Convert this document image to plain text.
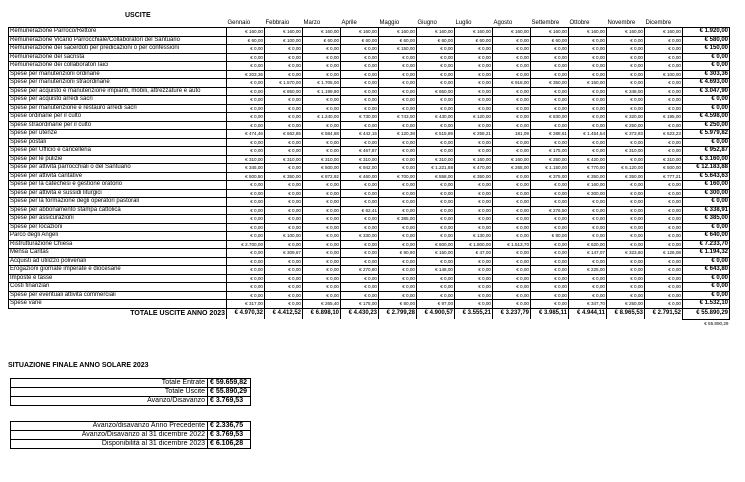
USCITE
	Gennaio	Febbraio	Marzo	Aprile	Maggio	Giugno	Luglio	Agosto	Settembre	Ottobre	Novembre	Dicembre	
Remunerazione Parroco/Rettore	€ 160,00	€ 160,00	€ 160,00	€ 160,00	€ 160,00	€ 160,00	€ 160,00	€ 160,00	€ 160,00	€ 160,00	€ 160,00	€ 160,00	€ 1.920,00
Remunerazione Vicario Parrocchiale/Collaboratori del Santuario	€ 60,00	€ 100,00	€ 60,00	€ 60,00	€ 60,00	€ 60,00	€ 60,00	€ 0,00	€ 60,00	€ 0,00	€ 0,00	€ 0,00	€ 580,00
Remunerazione dei sacerdoti per predicazioni o per confessioni	€ 0,00	€ 0,00	€ 0,00	€ 0,00	€ 150,00	€ 0,00	€ 0,00	€ 0,00	€ 0,00	€ 0,00	€ 0,00	€ 0,00	€ 150,00
Remunerazione del sacrista	€ 0,00	€ 0,00	€ 0,00	€ 0,00	€ 0,00	€ 0,00	€ 0,00	€ 0,00	€ 0,00	€ 0,00	€ 0,00	€ 0,00	€ 0,00
Remunerazione dei collaboratori laici	€ 0,00	€ 0,00	€ 0,00	€ 0,00	€ 0,00	€ 0,00	€ 0,00	€ 0,00	€ 0,00	€ 0,00	€ 0,00	€ 0,00	€ 0,00
Spese per manutenzioni ordinarie	€ 203,36	€ 0,00	€ 0,00	€ 0,00	€ 0,00	€ 0,00	€ 0,00	€ 0,00	€ 0,00	€ 0,00	€ 0,00	€ 100,00	€ 303,36
Spese per manutenzioni straordinarie	€ 0,00	€ 1.570,00	€ 1.705,00	€ 0,00	€ 0,00	€ 0,00	€ 0,00	€ 918,00	€ 350,00	€ 150,00	€ 0,00	€ 0,00	€ 4.693,00
Spese per acquisto e manutenzione impianti, mobili, attrezzature e auto	€ 0,00	€ 850,00	€ 1.199,90	€ 0,00	€ 0,00	€ 650,00	€ 0,00	€ 0,00	€ 0,00	€ 0,00	€ 348,00	€ 0,00	€ 3.047,90
Spese per acquisto arredi sacri	€ 0,00	€ 0,00	€ 0,00	€ 0,00	€ 0,00	€ 0,00	€ 0,00	€ 0,00	€ 0,00	€ 0,00	€ 0,00	€ 0,00	€ 0,00
Spese per manutenzione e restauro arredi sacri	€ 0,00	€ 0,00	€ 0,00	€ 0,00	€ 0,00	€ 0,00	€ 0,00	€ 0,00	€ 0,00	€ 0,00	€ 0,00	€ 0,00	€ 0,00
Spese ordinarie per il culto	€ 0,00	€ 0,00	€ 1.240,00	€ 730,00	€ 743,00	€ 430,00	€ 120,00	€ 0,00	€ 830,00	€ 0,00	€ 320,00	€ 195,00	€ 4.598,00
Spese straordinarie per il culto	€ 0,00	€ 0,00	€ 0,00	€ 0,00	€ 0,00	€ 0,00	€ 0,00	€ 0,00	€ 0,00	€ 0,00	€ 250,00	€ 0,00	€ 250,00
Spese per utenze	€ 474,46	€ 662,85	€ 584,88	€ 442,15	€ 120,38	€ 515,89	€ 258,21	181,09	€ 288,61	€ 1.454,54	€ 373,93	€ 623,23	€ 5.979,82
Spese postali	€ 0,00	€ 0,00	€ 0,00	€ 0,00	€ 0,00	€ 0,00	€ 0,00	€ 0,00	€ 0,00	€ 0,00	€ 0,00	€ 0,00	€ 0,00
Spese per Ufficio e cancelleria	€ 0,00	€ 0,00	€ 0,00	€ 467,87	€ 0,00	€ 0,00	€ 0,00	€ 0,00	€ 175,00	€ 0,00	€ 310,00	€ 0,00	€ 952,87
Spese per le pulizie	€ 310,00	€ 310,00	€ 310,00	€ 310,00	€ 0,00	€ 310,00	€ 160,00	€ 160,00	€ 250,00	€ 420,00	€ 0,00	€ 310,00	€ 3.160,00
Spese per attività parrocchiali o del Santuario	€ 345,00	€ 0,00	€ 500,00	€ 942,00	€ 0,00	€ 1.221,88	€ 470,00	€ 265,00	€ 1.150,00	€ 770,00	€ 6.120,00	€ 500,00	€ 12.183,88
Spese per attività caritative	€ 500,50	€ 350,00	€ 872,92	€ 460,00	€ 700,00	€ 558,00	€ 350,00	€ 0,00	€ 375,00	€ 350,00	€ 350,00	€ 777,21	€ 5.643,63
Spese per la catechesi e gestione oratorio	€ 0,00	€ 0,00	€ 0,00	€ 0,00	€ 0,00	€ 0,00	€ 0,00	€ 0,00	€ 0,00	€ 160,00	€ 0,00	€ 0,00	€ 160,00
Spese per attività e sussidi liturgici	€ 0,00	€ 0,00	€ 0,00	€ 0,00	€ 0,00	€ 0,00	€ 0,00	€ 0,00	€ 0,00	€ 300,00	€ 0,00	€ 0,00	€ 300,00
Spese per la formazione degli operatori pastorali	€ 0,00	€ 0,00	€ 0,00	€ 0,00	€ 0,00	€ 0,00	€ 0,00	€ 0,00	€ 0,00	€ 0,00	€ 0,00	€ 0,00	€ 0,00
Spese per abbonamento stampa cattolica	€ 0,00	€ 0,00	€ 0,00	€ 62,41	€ 0,00	€ 0,00	€ 0,00	€ 0,00	€ 276,50	€ 0,00	€ 0,00	€ 0,00	€ 338,91
Spese per assicurazioni	€ 0,00	€ 0,00	€ 0,00	€ 0,00	€ 385,00	€ 0,00	€ 0,00	€ 0,00	€ 0,00	€ 0,00	€ 0,00	€ 0,00	€ 385,00
Spese per locazioni	€ 0,00	€ 0,00	€ 0,00	€ 0,00	€ 0,00	€ 0,00	€ 0,00	€ 0,00	€ 0,00	€ 0,00	€ 0,00	€ 0,00	€ 0,00
Parco degli Angeli	€ 0,00	€ 100,00	€ 0,00	€ 330,00	€ 0,00	€ 0,00	€ 130,00	€ 0,00	€ 80,00	€ 0,00	€ 0,00	€ 0,00	€ 640,00
Ristrutturazione Chiesa	€ 2.700,00	€ 0,00	€ 0,00	€ 0,00	€ 0,00	€ 600,00	€ 1.800,00	€ 1.513,70	€ 0,00	€ 620,00	€ 0,00	€ 0,00	€ 7.233,70
Mensa Caritas	€ 0,00	€ 309,67	€ 0,00	€ 0,00	€ 90,90	€ 150,00	€ 47,00	€ 0,00	€ 0,00	€ 147,07	€ 323,60	€ 126,08	€ 1.194,32
Acquisti ad utilizzo polivenali	€ 0,00	€ 0,00	€ 0,00	€ 0,00	€ 0,00	€ 0,00	€ 0,00	€ 0,00	€ 0,00	€ 0,00	€ 0,00	€ 0,00	€ 0,00
Erogazioni giornate imperate e diocesane	€ 0,00	€ 0,00	€ 0,00	€ 270,80	€ 0,00	€ 148,00	€ 0,00	€ 0,00	€ 0,00	€ 225,00	€ 0,00	€ 0,00	€ 643,80
Imposte e tasse	€ 0,00	€ 0,00	€ 0,00	€ 0,00	€ 0,00	€ 0,00	€ 0,00	€ 0,00	€ 0,00	€ 0,00	€ 0,00	€ 0,00	€ 0,00
Costi finanziari	€ 0,00	€ 0,00	€ 0,00	€ 0,00	€ 0,00	€ 0,00	€ 0,00	€ 0,00	€ 0,00	€ 0,00	€ 0,00	€ 0,00	€ 0,00
Spese per eventuali attività commerciali	€ 0,00	€ 0,00	€ 0,00	€ 0,00	€ 0,00	€ 0,00	€ 0,00	€ 0,00	€ 0,00	€ 0,00	€ 0,00	€ 0,00	€ 0,00
Spese varie	€ 317,00	€ 0,00	€ 265,40	€ 175,00	€ 80,00	€ 97,00	€ 0,00	€ 0,00	€ 0,00	€ 347,70	€ 250,00	€ 0,00	€ 1.532,10
TOTALE USCITE ANNO 2023	€ 4.970,32	€ 4.412,52	€ 6.898,10	€ 4.430,23	€ 2.799,28	€ 4.900,57	€ 3.555,21	€ 3.237,79	€ 3.985,11	€ 4.944,11	€ 8.965,53	€ 2.791,52	€ 55.890,29
													€ 55.890,29
SITUAZIONE FINALE ANNO SOLARE 2023
Totale Entrate	€ 59.659,82
Totale Uscite	€ 55.890,29
Avanzo/Disavanzo	€ 3.769,53
Avanzo/disavanzo Anno Precedente	€ 2.336,75
Avanzo/Disavanzo al 31 dicembre 2022	€ 3.769,53
Disponibilità al 31 dicembre 2023	€ 6.106,28
